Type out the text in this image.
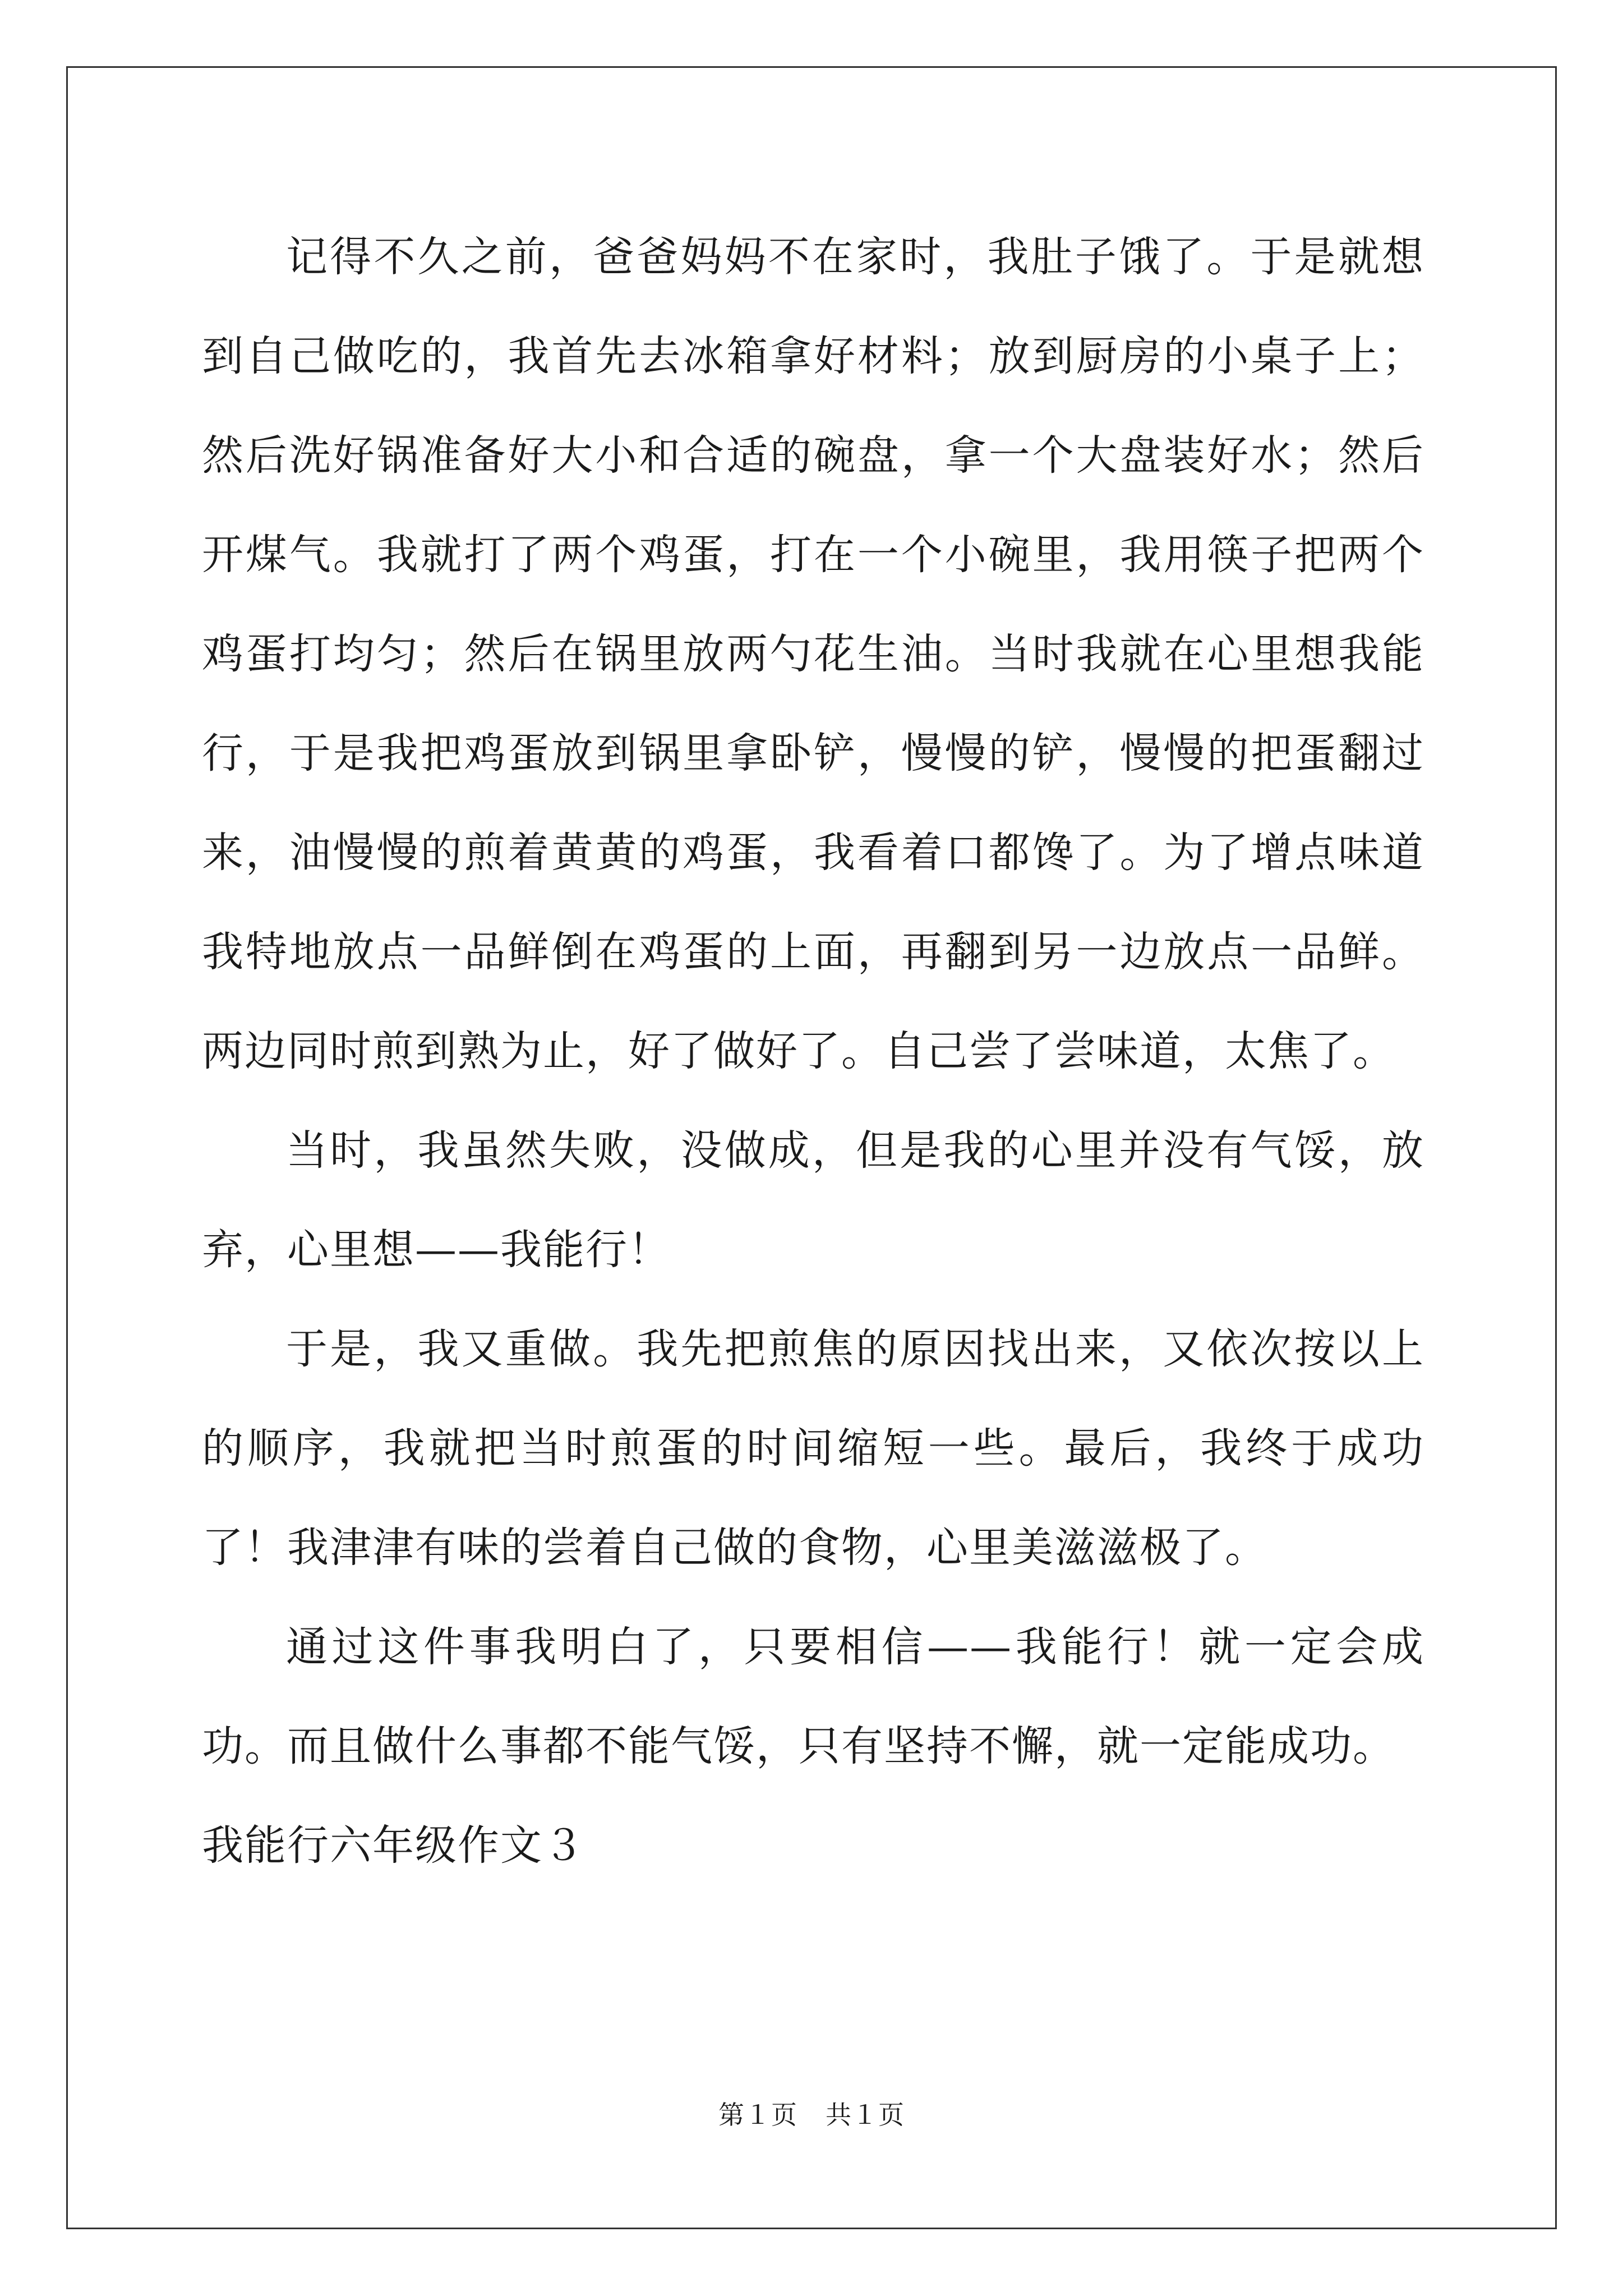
记得不久之前，爸爸妈妈不在家时，我肚子饿了。于是就想到自己做吃的，我首先去冰箱拿好材料；放到厨房的小桌子上；然后洗好锅准备好大小和合适的碗盘，拿一个大盘装好水；然后开煤气。我就打了两个鸡蛋，打在一个小碗里，我用筷子把两个鸡蛋打均匀；然后在锅里放两勺花生油。当时我就在心里想我能行，于是我把鸡蛋放到锅里拿卧铲，慢慢的铲，慢慢的把蛋翻过来，油慢慢的煎着黄黄的鸡蛋，我看着口都馋了。为了增点味道我特地放点一品鲜倒在鸡蛋的上面，再翻到另一边放点一品鲜。两边同时煎到熟为止，好了做好了。自己尝了尝味道，太焦了。

当时，我虽然失败，没做成，但是我的心里并没有气馁，放弃，心里想——我能行！

于是，我又重做。我先把煎焦的原因找出来，又依次按以上的顺序，我就把当时煎蛋的时间缩短一些。最后，我终于成功了！我津津有味的尝着自己做的食物，心里美滋滋极了。

通过这件事我明白了，只要相信——我能行！就一定会成功。而且做什么事都不能气馁，只有坚持不懈，就一定能成功。

我能行六年级作文３

第１页 共１页
